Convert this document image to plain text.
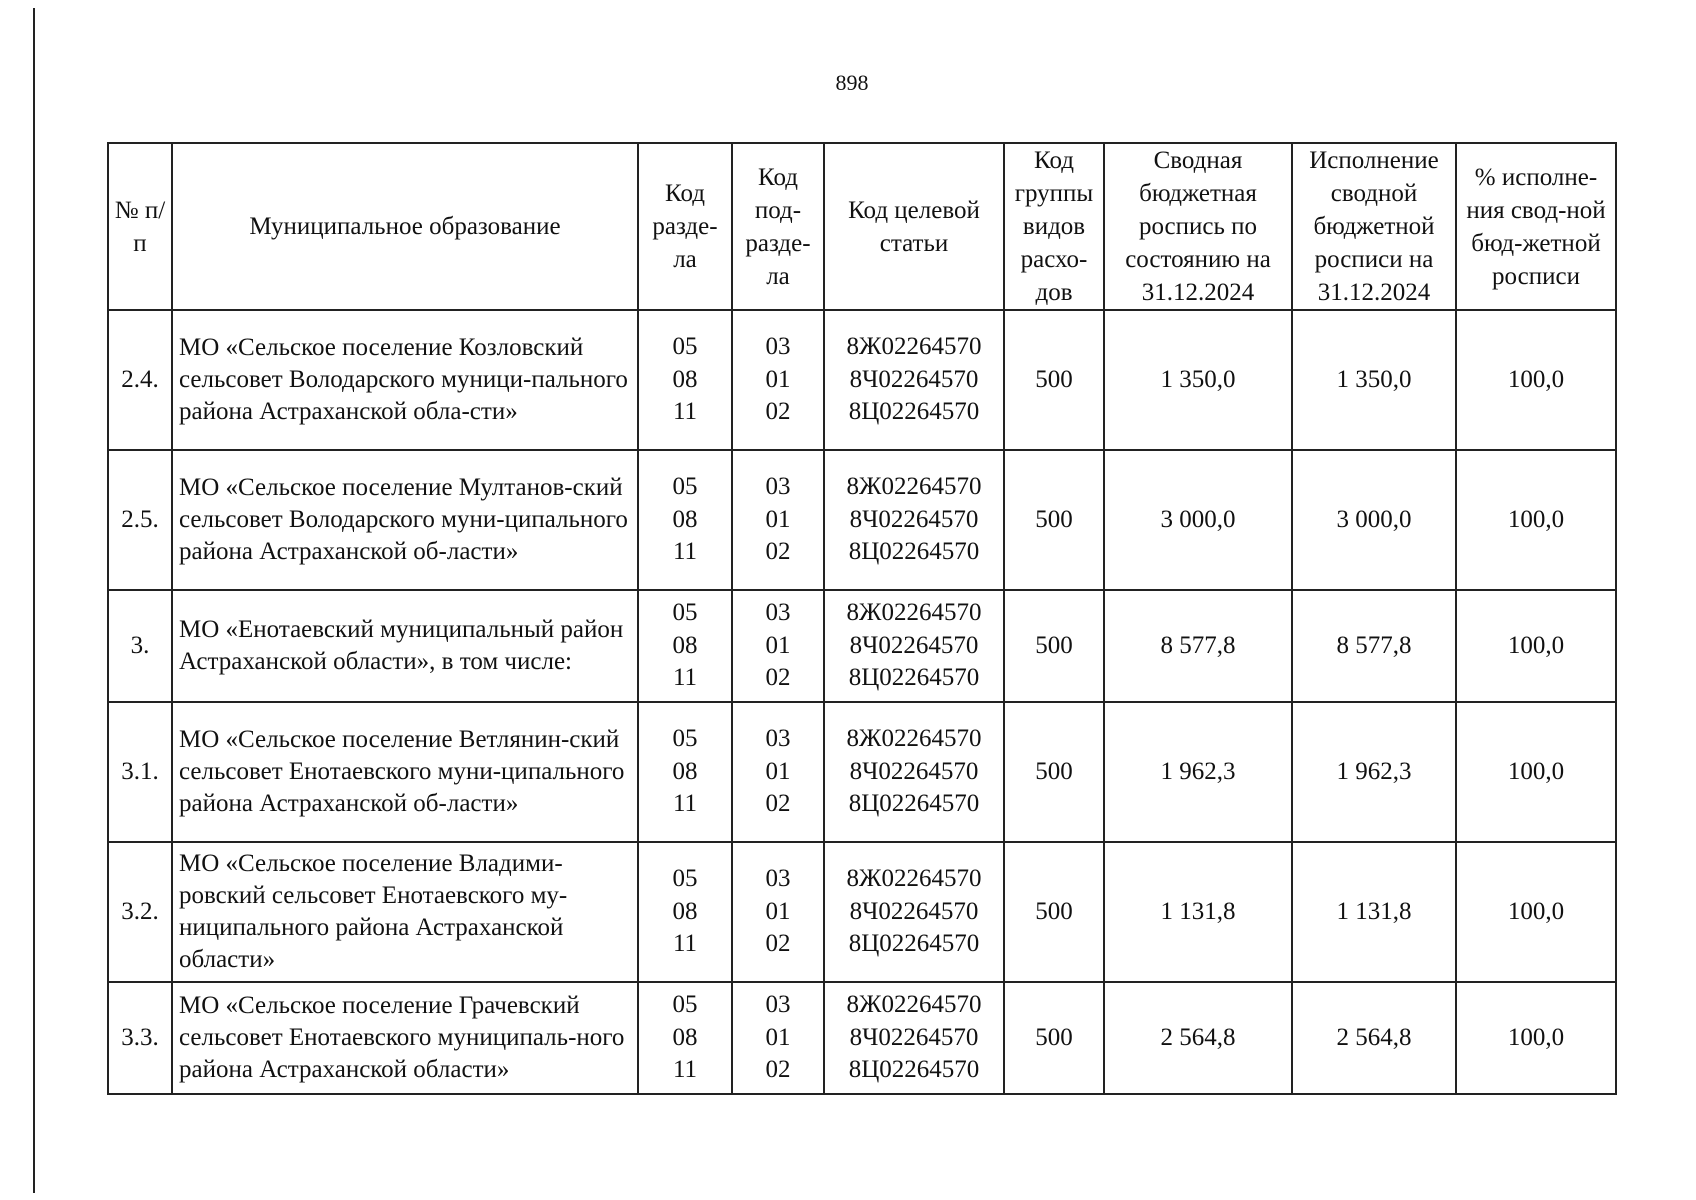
898
№ п/п	Муниципальное образование	Код разде-ла	Код под-разде-ла	Код целевой статьи	Код группы видов расхо-дов	Сводная бюджетная роспись по состоянию на 31.12.2024	Исполнение сводной бюджетной росписи на 31.12.2024	% исполне-ния свод-ной бюд-жетной росписи
2.4.	МО «Сельское поселение Козловский сельсовет Володарского муници-пального района Астраханской обла-сти»	05
08
11	03
01
02	8Ж02264570
8Ч02264570
8Ц02264570	500	1 350,0	1 350,0	100,0
2.5.	МО «Сельское поселение Мултанов-ский сельсовет Володарского муни-ципального района Астраханской об-ласти»	05
08
11	03
01
02	8Ж02264570
8Ч02264570
8Ц02264570	500	3 000,0	3 000,0	100,0
3.	МО «Енотаевский муниципальный район Астраханской области», в том числе:	05
08
11	03
01
02	8Ж02264570
8Ч02264570
8Ц02264570	500	8 577,8	8 577,8	100,0
3.1.	МО «Сельское поселение Ветлянин-ский сельсовет Енотаевского муни-ципального района Астраханской об-ласти»	05
08
11	03
01
02	8Ж02264570
8Ч02264570
8Ц02264570	500	1 962,3	1 962,3	100,0
3.2.	МО «Сельское поселение Владими-ровский сельсовет Енотаевского му-ниципального района Астраханской области»	05
08
11	03
01
02	8Ж02264570
8Ч02264570
8Ц02264570	500	1 131,8	1 131,8	100,0
3.3.	МО «Сельское поселение Грачевский сельсовет Енотаевского муниципаль-ного района Астраханской области»	05
08
11	03
01
02	8Ж02264570
8Ч02264570
8Ц02264570	500	2 564,8	2 564,8	100,0
